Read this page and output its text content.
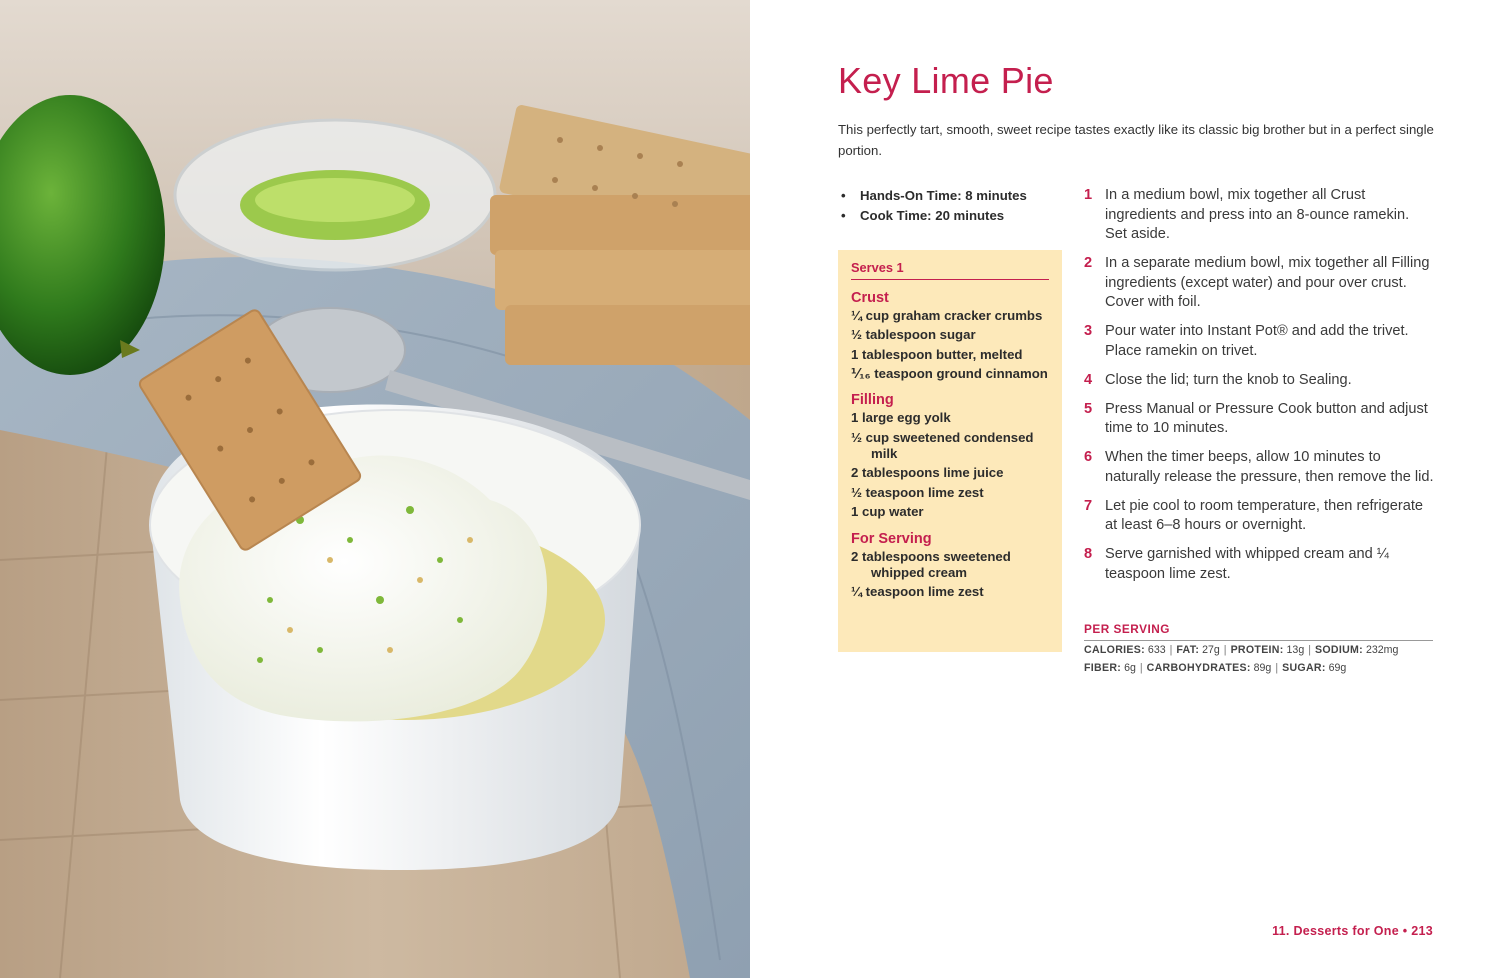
Key Lime Pie

This perfectly tart, smooth, sweet recipe tastes exactly like its classic big brother but in a perfect single portion.

• Hands-On Time: 8 minutes
• Cook Time: 20 minutes
Serves 1
Crust
¼ cup graham cracker crumbs
½ tablespoon sugar
1 tablespoon butter, melted
⅟₁₆ teaspoon ground cinnamon
Filling
1 large egg yolk
½ cup sweetened condensed milk
2 tablespoons lime juice
½ teaspoon lime zest
1 cup water
For Serving
2 tablespoons sweetened whipped cream
¼ teaspoon lime zest
1 In a medium bowl, mix together all Crust ingredients and press into an 8-ounce ramekin. Set aside.
2 In a separate medium bowl, mix together all Filling ingredients (except water) and pour over crust. Cover with foil.
3 Pour water into Instant Pot® and add the trivet. Place ramekin on trivet.
4 Close the lid; turn the knob to Sealing.
5 Press Manual or Pressure Cook button and adjust time to 10 minutes.
6 When the timer beeps, allow 10 minutes to naturally release the pressure, then remove the lid.
7 Let pie cool to room temperature, then refrigerate at least 6–8 hours or overnight.
8 Serve garnished with whipped cream and ¼ teaspoon lime zest.
PER SERVING
CALORIES: 633 | FAT: 27g | PROTEIN: 13g | SODIUM: 232mg
FIBER: 6g | CARBOHYDRATES: 89g | SUGAR: 69g
11. Desserts for One • 213
